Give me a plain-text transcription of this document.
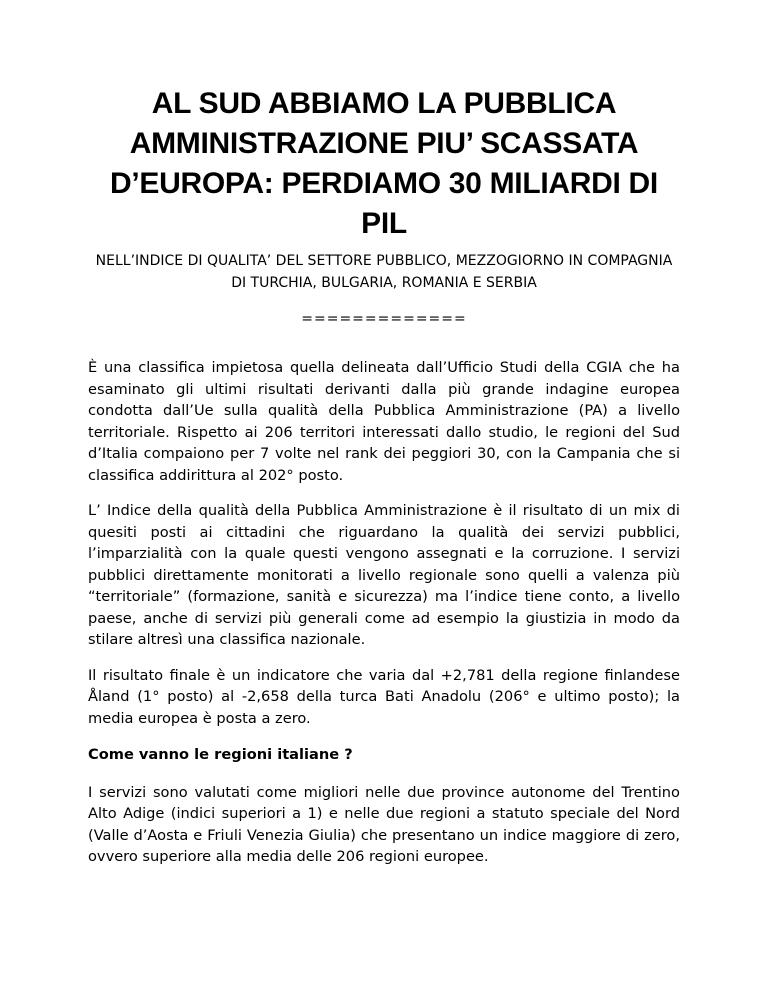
AL SUD ABBIAMO LA PUBBLICA AMMINISTRAZIONE PIU’ SCASSATA D’EUROPA: PERDIAMO 30 MILIARDI DI PIL

NELL’INDICE DI QUALITA’ DEL SETTORE PUBBLICO, MEZZOGIORNO IN COMPAGNIA DI TURCHIA, BULGARIA, ROMANIA E SERBIA

=============

È una classifica impietosa quella delineata dall’Ufficio Studi della CGIA che ha esaminato gli ultimi risultati derivanti dalla più grande indagine europea condotta dall’Ue sulla qualità della Pubblica Amministrazione (PA) a livello territoriale. Rispetto ai 206 territori interessati dallo studio, le regioni del Sud d’Italia compaiono per 7 volte nel rank dei peggiori 30, con la Campania che si classifica addirittura al 202° posto.

L’ Indice della qualità della Pubblica Amministrazione è il risultato di un mix di quesiti posti ai cittadini che riguardano la qualità dei servizi pubblici, l’imparzialità con la quale questi vengono assegnati e la corruzione. I servizi pubblici direttamente monitorati a livello regionale sono quelli a valenza più “territoriale” (formazione, sanità e sicurezza) ma l’indice tiene conto, a livello paese, anche di servizi più generali come ad esempio la giustizia in modo da stilare altresì una classifica nazionale.

Il risultato finale è un indicatore che varia dal +2,781 della regione finlandese Åland (1° posto) al -2,658 della turca Bati Anadolu (206° e ultimo posto); la media europea è posta a zero.

Come vanno le regioni italiane ?

I servizi sono valutati come migliori nelle due province autonome del Trentino Alto Adige (indici superiori a 1) e nelle due regioni a statuto speciale del Nord (Valle d’Aosta e Friuli Venezia Giulia) che presentano un indice maggiore di zero, ovvero superiore alla media delle 206 regioni europee.
